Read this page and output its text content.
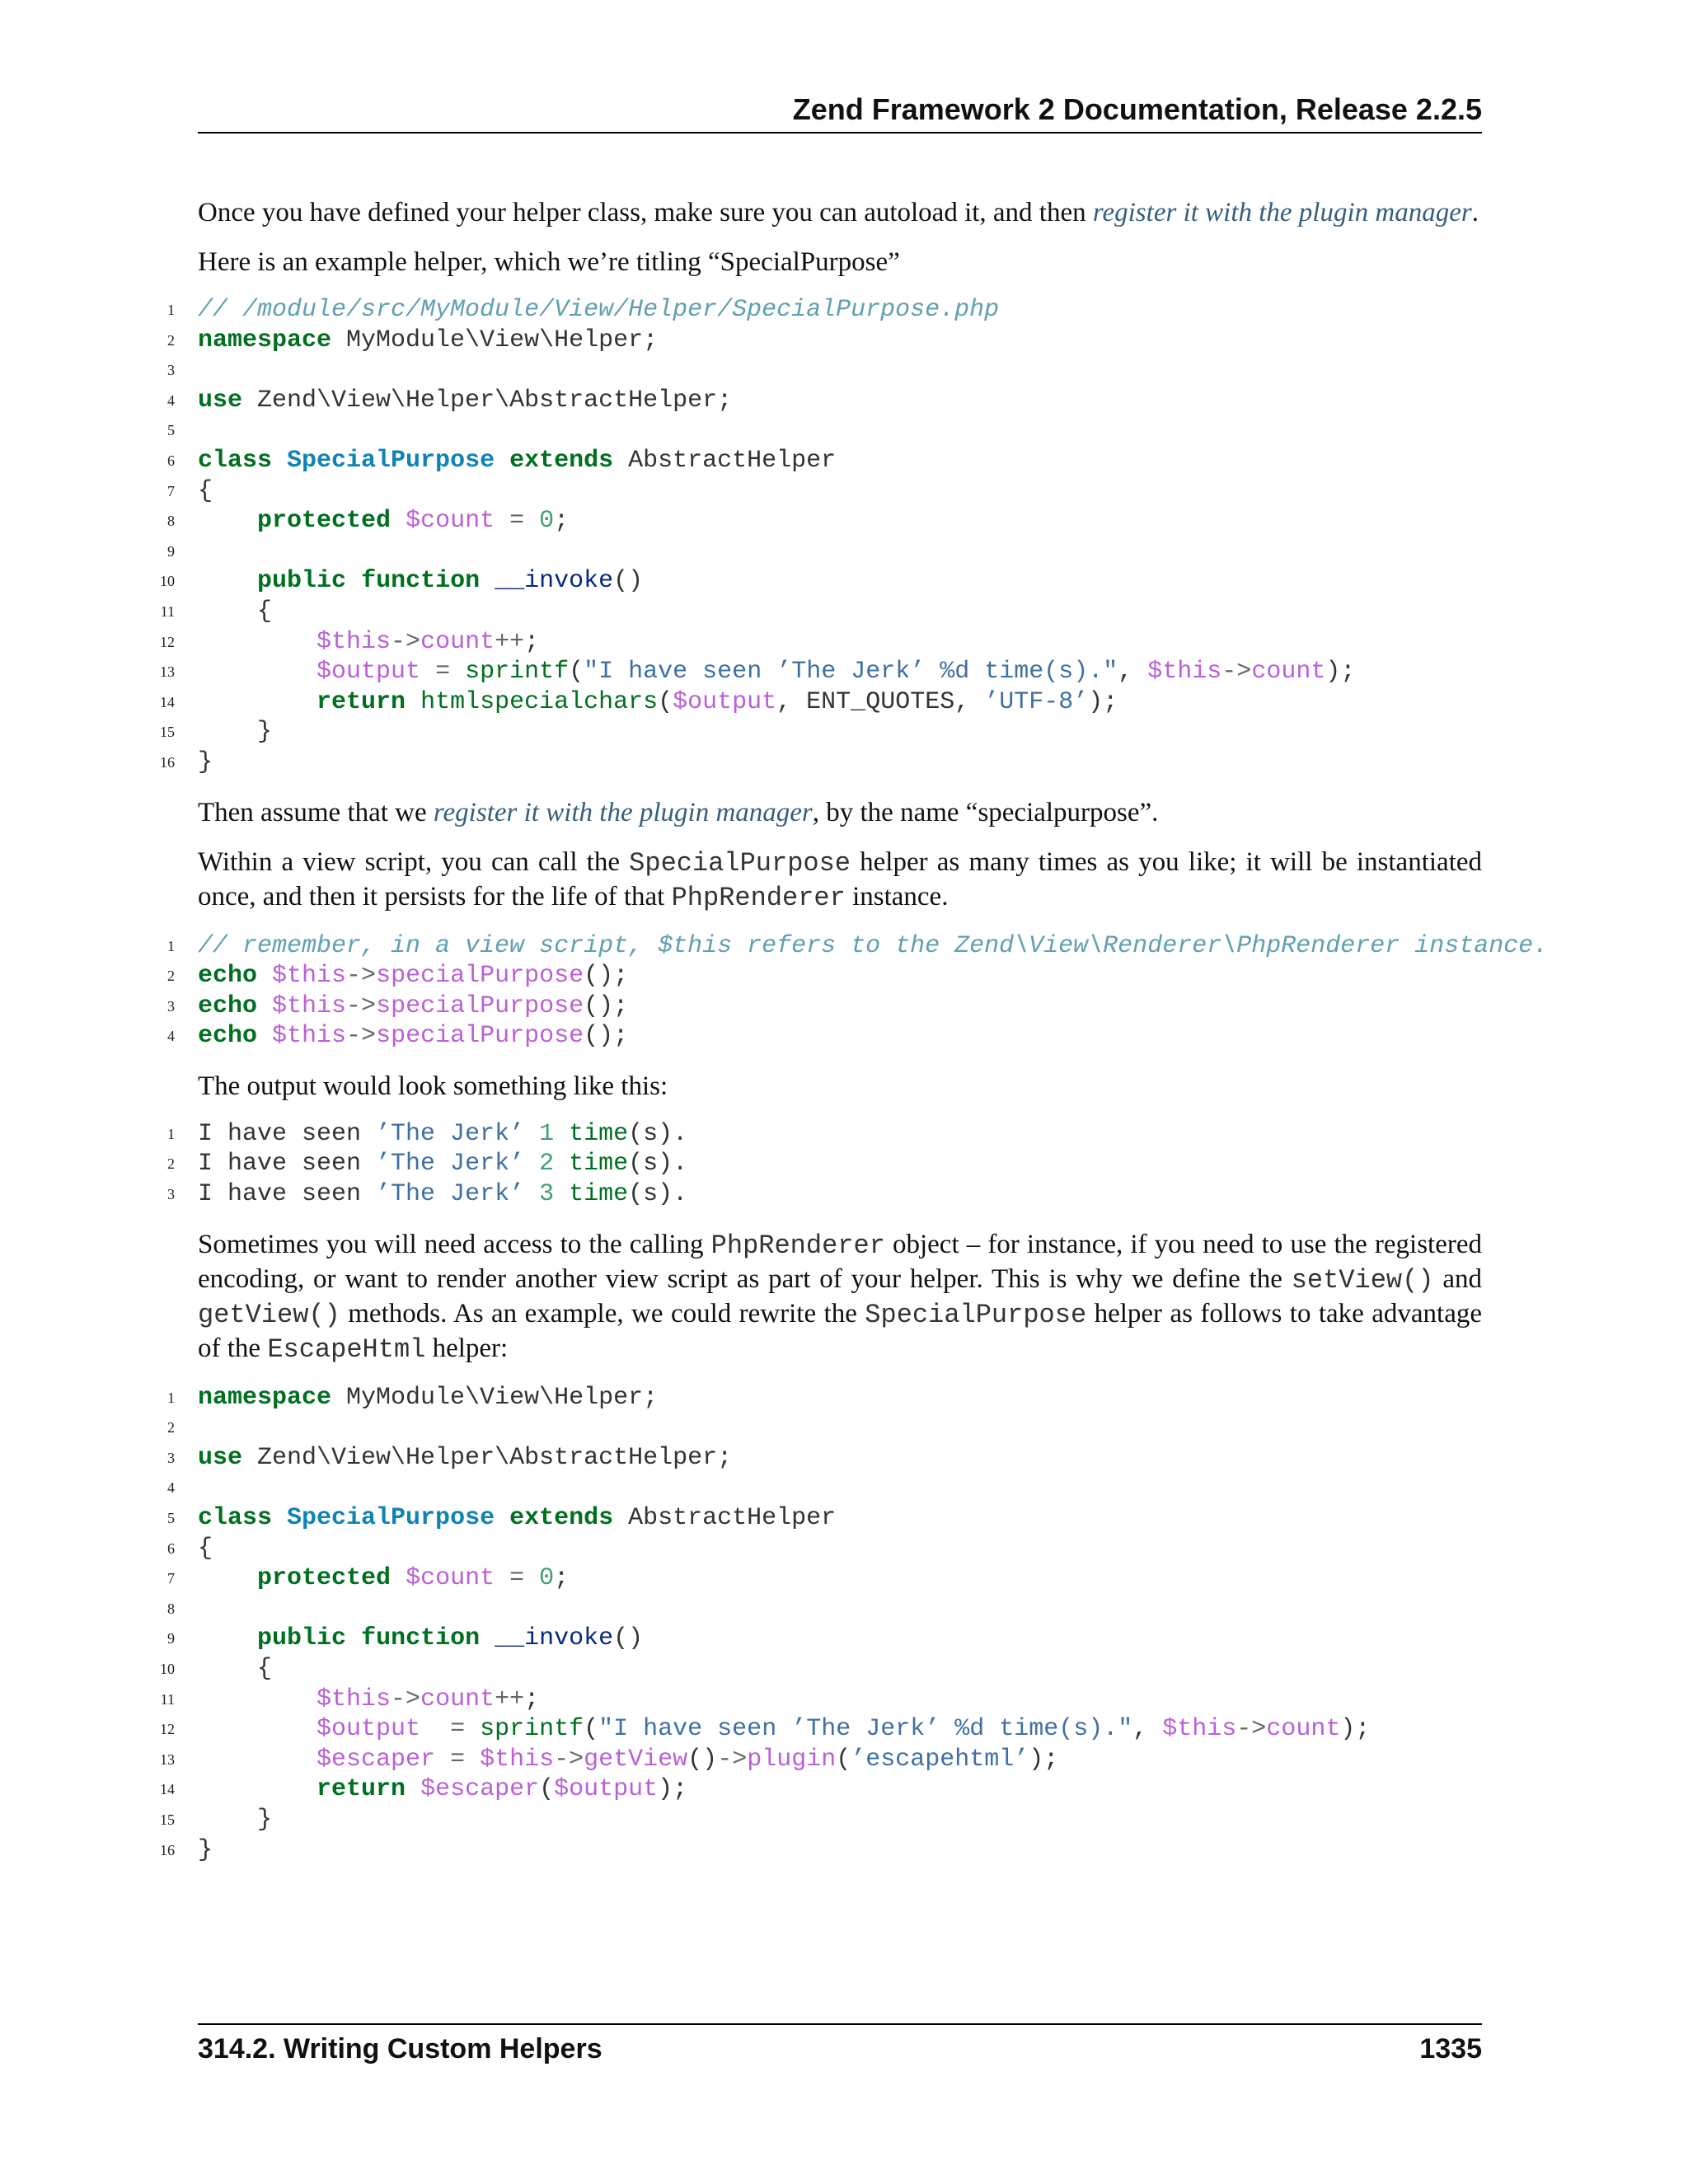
Zend Framework 2 Documentation, Release 2.2.5

Once you have defined your helper class, make sure you can autoload it, and then register it with the plugin manager.

Here is an example helper, which we’re titling “SpecialPurpose”

1 // /module/src/MyModule/View/Helper/SpecialPurpose.php
2 namespace MyModule\View\Helper;
3
4 use Zend\View\Helper\AbstractHelper;
5
6 class SpecialPurpose extends AbstractHelper
7 {
8	protected $count = 0;
9
10	public function __invoke()
11 {
12	$this->count++;
13	$output = sprintf("I have seen ’The Jerk’ %d time(s).", $this->count);
14	return htmlspecialchars($output, ENT_QUOTES, ’UTF-8’);
15 }
16 }

Then assume that we register it with the plugin manager, by the name “specialpurpose”.

Within a view script, you can call the SpecialPurpose helper as many times as you like; it will be instantiated once, and then it persists for the life of that PhpRenderer instance.

1 // remember, in a view script, $this refers to the Zend\View\Renderer\PhpRenderer instance.
2 echo $this->specialPurpose();
3 echo $this->specialPurpose();
4 echo $this->specialPurpose();

The output would look something like this:

1 I have seen ’The Jerk’ 1 time(s).
2 I have seen ’The Jerk’ 2 time(s).
3 I have seen ’The Jerk’ 3 time(s).

Sometimes you will need access to the calling PhpRenderer object – for instance, if you need to use the registered encoding, or want to render another view script as part of your helper. This is why we define the setView() and getView() methods. As an example, we could rewrite the SpecialPurpose helper as follows to take advantage of the EscapeHtml helper:

1 namespace MyModule\View\Helper;
2
3 use Zend\View\Helper\AbstractHelper;
4
5 class SpecialPurpose extends AbstractHelper
6 {
7	protected $count = 0;
8
9	public function __invoke()
10 {
11	$this->count++;
12	$output = sprintf("I have seen ’The Jerk’ %d time(s).", $this->count);
13	$escaper = $this->getView()->plugin(’escapehtml’);
14	return $escaper($output);
15 }
16 }
314.2. Writing Custom Helpers	1335
